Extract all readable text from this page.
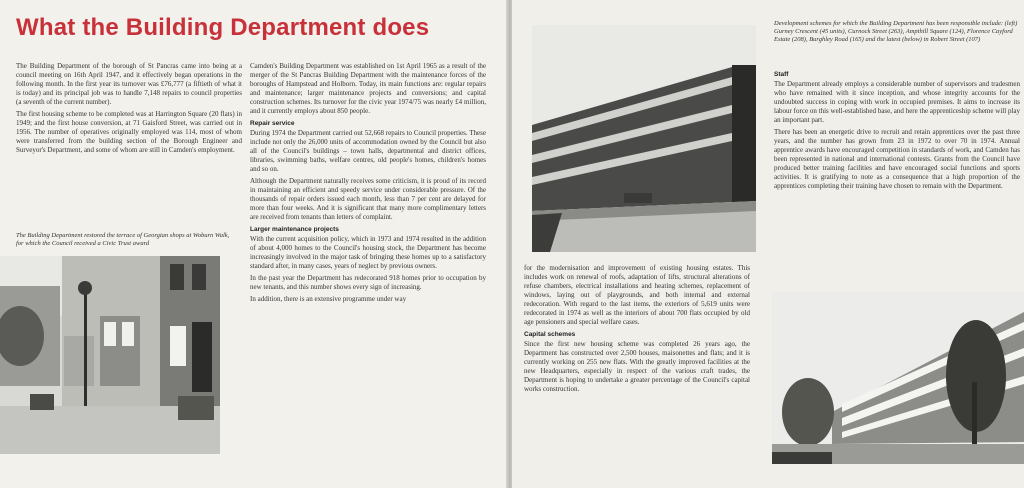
What the Building Department does

The Building Department of the borough of St Pancras came into being at a council meeting on 16th April 1947, and it effectively began operations in the following month. In the first year its turnover was £76,777 (a fiftieth of what it is today) and its principal job was to handle 7,148 repairs to council properties (a seventh of the current number).

The first housing scheme to be completed was at Harrington Square (20 flats) in 1949; and the first house conversion, at 71 Gaisford Street, was carried out in 1956. The number of operatives originally employed was 114, most of whom were transferred from the building section of the Borough Engineer and Surveyor's Department, and some of whom are still in Camden's employment.

The Building Department restored the terrace of Georgian shops at Woburn Walk, for which the Council received a Civic Trust award

Camden's Building Department was established on 1st April 1965 as a result of the merger of the St Pancras Building Department with the maintenance forces of the boroughs of Hampstead and Holborn. Today, its main functions are: regular repairs and maintenance; larger maintenance projects and conversions; and capital construction schemes. Its turnover for the civic year 1974/75 was nearly £4 million, and it currently employs about 850 people.

Repair service

During 1974 the Department carried out 52,668 repairs to Council properties. These include not only the 26,000 units of accommodation owned by the Council but also all of the Council's buildings – town halls, departmental and district offices, libraries, swimming baths, welfare centres, old people's homes, children's homes and so on.

Although the Department naturally receives some criticism, it is proud of its record in maintaining an efficient and speedy service under considerable pressure. Of the thousands of repair orders issued each month, less than 7 per cent are delayed for more than four weeks. And it is significant that many more complimentary letters are received from tenants than letters of complaint.

Larger maintenance projects

With the current acquisition policy, which in 1973 and 1974 resulted in the addition of about 4,000 homes to the Council's housing stock, the Department has become increasingly involved in the major task of bringing these homes up to a satisfactory standard after, in many cases, years of neglect by previous owners.

In the past year the Department has redecorated 918 homes prior to occupation by new tenants, and this number shows every sign of increasing.

In addition, there is an extensive programme under way

for the modernisation and improvement of existing housing estates. This includes work on renewal of roofs, adaptation of lifts, structural alterations of refuse chambers, electrical installations and heating schemes, replacement of windows, laying out of playgrounds, and both internal and external redecoration. With regard to the last items, the exteriors of 5,619 units were redecorated in 1974 as well as the interiors of about 700 flats occupied by old age pensioners and special welfare cases.

Capital schemes

Since the first new housing scheme was completed 26 years ago, the Department has constructed over 2,500 houses, maisonettes and flats; and it is currently working on 255 new flats. With the greatly improved facilities at the new Headquarters, especially in respect of the various craft trades, the Department is hoping to undertake a greater percentage of the Council's capital works construction.

Development schemes for which the Building Department has been responsible include: (left) Gurney Crescent (45 units), Curnock Street (263), Ampthill Square (124), Florence Cayford Estate (208), Burghley Road (165) and the latest (below) in Robert Street (107)
Staff

The Department already employs a considerable number of supervisors and tradesmen who have remained with it since inception, and whose integrity accounts for the undoubted success in coping with work in occupied premises. It aims to increase its labour force on this well-established base, and here the apprenticeship scheme will play an important part.

There has been an energetic drive to recruit and retain apprentices over the past three years, and the number has grown from 23 in 1972 to over 70 in 1974. Annual apprentice awards have encouraged competition in standards of work, and Camden has been represented in national and international contests. Grants from the Council have produced better training facilities and have encouraged social functions and sports activities. It is gratifying to note as a consequence that a high proportion of the apprentices completing their training have chosen to remain with the Department.
